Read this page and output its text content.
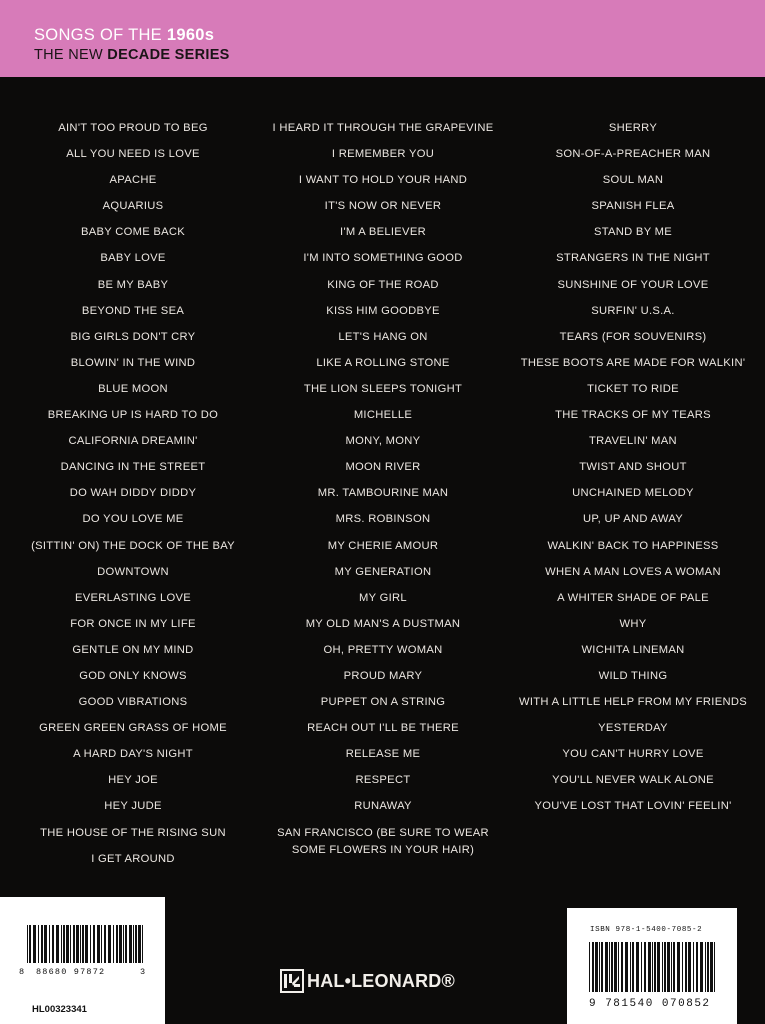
SONGS OF THE 1960s
THE NEW DECADE SERIES
AIN'T TOO PROUD TO BEG
ALL YOU NEED IS LOVE
APACHE
AQUARIUS
BABY COME BACK
BABY LOVE
BE MY BABY
BEYOND THE SEA
BIG GIRLS DON'T CRY
BLOWIN' IN THE WIND
BLUE MOON
BREAKING UP IS HARD TO DO
CALIFORNIA DREAMIN'
DANCING IN THE STREET
DO WAH DIDDY DIDDY
DO YOU LOVE ME
(SITTIN' ON) THE DOCK OF THE BAY
DOWNTOWN
EVERLASTING LOVE
FOR ONCE IN MY LIFE
GENTLE ON MY MIND
GOD ONLY KNOWS
GOOD VIBRATIONS
GREEN GREEN GRASS OF HOME
A HARD DAY'S NIGHT
HEY JOE
HEY JUDE
THE HOUSE OF THE RISING SUN
I GET AROUND
I HEARD IT THROUGH THE GRAPEVINE
I REMEMBER YOU
I WANT TO HOLD YOUR HAND
IT'S NOW OR NEVER
I'M A BELIEVER
I'M INTO SOMETHING GOOD
KING OF THE ROAD
KISS HIM GOODBYE
LET'S HANG ON
LIKE A ROLLING STONE
THE LION SLEEPS TONIGHT
MICHELLE
MONY, MONY
MOON RIVER
MR. TAMBOURINE MAN
MRS. ROBINSON
MY CHERIE AMOUR
MY GENERATION
MY GIRL
MY OLD MAN'S A DUSTMAN
OH, PRETTY WOMAN
PROUD MARY
PUPPET ON A STRING
REACH OUT I'LL BE THERE
RELEASE ME
RESPECT
RUNAWAY
SAN FRANCISCO (BE SURE TO WEAR SOME FLOWERS IN YOUR HAIR)
SHERRY
SON-OF-A-PREACHER MAN
SOUL MAN
SPANISH FLEA
STAND BY ME
STRANGERS IN THE NIGHT
SUNSHINE OF YOUR LOVE
SURFIN' U.S.A.
TEARS (FOR SOUVENIRS)
THESE BOOTS ARE MADE FOR WALKIN'
TICKET TO RIDE
THE TRACKS OF MY TEARS
TRAVELIN' MAN
TWIST AND SHOUT
UNCHAINED MELODY
UP, UP AND AWAY
WALKIN' BACK TO HAPPINESS
WHEN A MAN LOVES A WOMAN
A WHITER SHADE OF PALE
WHY
WICHITA LINEMAN
WILD THING
WITH A LITTLE HELP FROM MY FRIENDS
YESTERDAY
YOU CAN'T HURRY LOVE
YOU'LL NEVER WALK ALONE
YOU'VE LOST THAT LOVIN' FEELIN'
8 88680 97872	3
HL00323341	9 781540 070852
ISBN 978-1-5400-7085-2
HAL•LEONARD®
